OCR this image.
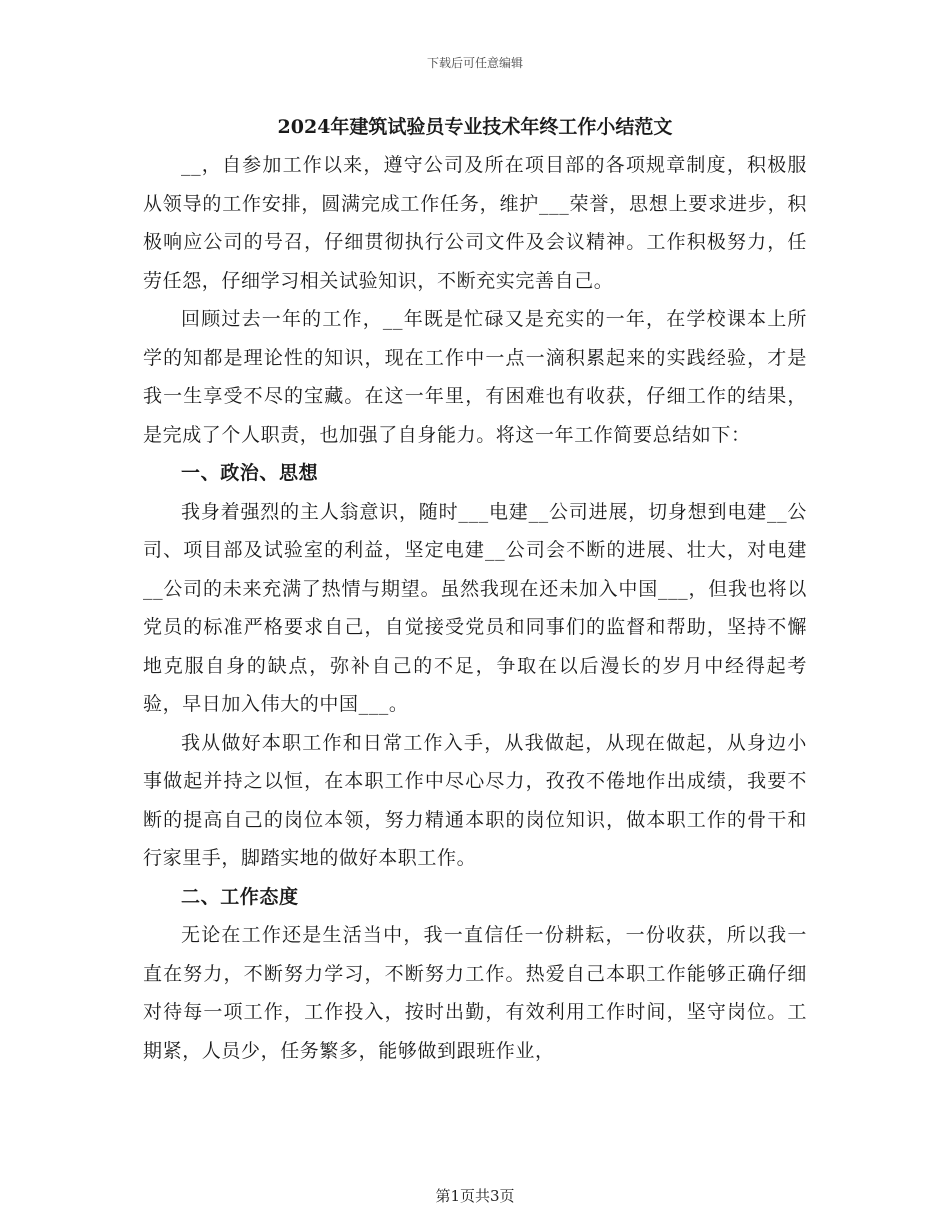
下载后可任意编辑
2024年建筑试验员专业技术年终工作小结范文

__，自参加工作以来，遵守公司及所在项目部的各项规章制度，积极服从领导的工作安排，圆满完成工作任务，维护___荣誉，思想上要求进步，积极响应公司的号召，仔细贯彻执行公司文件及会议精神。工作积极努力，任劳任怨，仔细学习相关试验知识，不断充实完善自己。

回顾过去一年的工作，__年既是忙碌又是充实的一年，在学校课本上所学的知都是理论性的知识，现在工作中一点一滴积累起来的实践经验，才是我一生享受不尽的宝藏。在这一年里，有困难也有收获，仔细工作的结果，是完成了个人职责，也加强了自身能力。将这一年工作简要总结如下：

一、政治、思想

我身着强烈的主人翁意识，随时___电建__公司进展，切身想到电建__公司、项目部及试验室的利益，坚定电建__公司会不断的进展、壮大，对电建__公司的未来充满了热情与期望。虽然我现在还未加入中国___，但我也将以党员的标准严格要求自己，自觉接受党员和同事们的监督和帮助，坚持不懈地克服自身的缺点，弥补自己的不足，争取在以后漫长的岁月中经得起考验，早日加入伟大的中国___。

我从做好本职工作和日常工作入手，从我做起，从现在做起，从身边小事做起并持之以恒，在本职工作中尽心尽力，孜孜不倦地作出成绩，我要不断的提高自己的岗位本领，努力精通本职的岗位知识，做本职工作的骨干和行家里手，脚踏实地的做好本职工作。

二、工作态度

无论在工作还是生活当中，我一直信任一份耕耘，一份收获，所以我一直在努力，不断努力学习，不断努力工作。热爱自己本职工作能够正确仔细对待每一项工作，工作投入，按时出勤，有效利用工作时间，坚守岗位。工期紧，人员少，任务繁多，能够做到跟班作业，

第1页共3页
